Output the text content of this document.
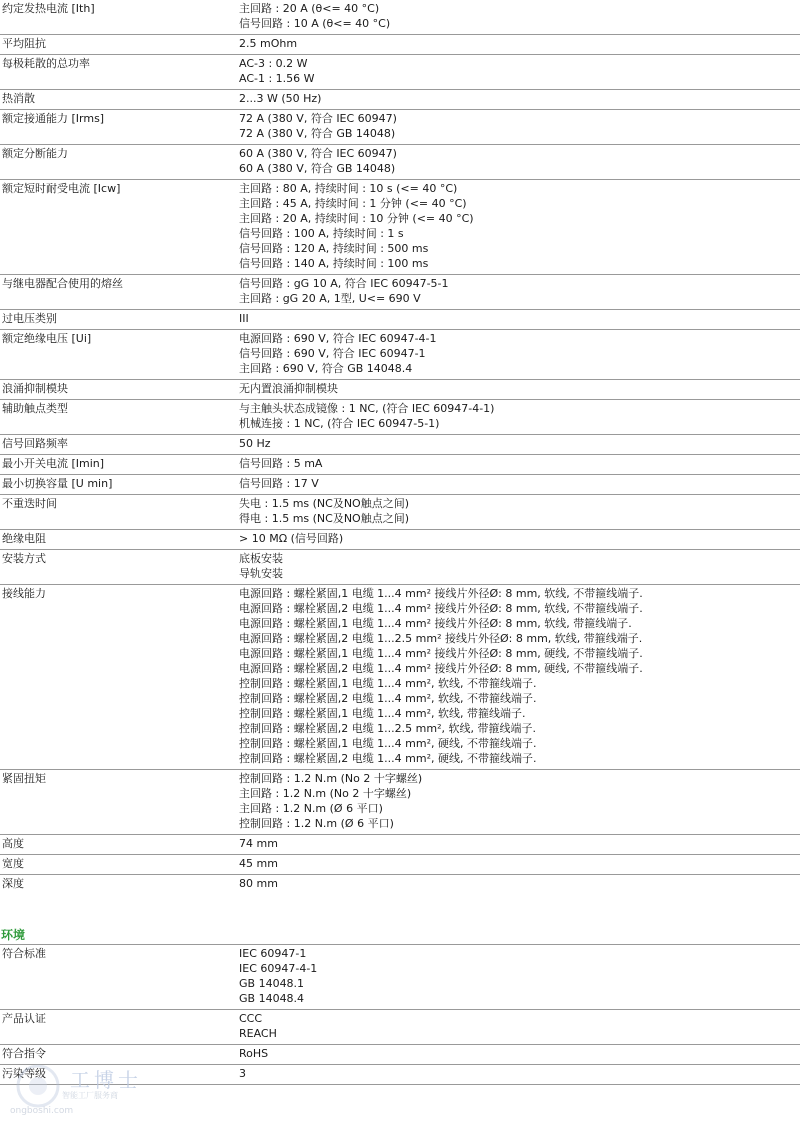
约定发热电流 [Ith]	主回路 : 20 A (θ<= 40 °C)
信号回路 : 10 A (θ<= 40 °C)
平均阻抗	2.5 mOhm
每极耗散的总功率	AC-3 : 0.2 W
AC-1 : 1.56 W
热消散	2...3 W (50 Hz)
额定接通能力 [Irms]	72 A (380 V, 符合 IEC 60947)
72 A (380 V, 符合 GB 14048)
额定分断能力	60 A (380 V, 符合 IEC 60947)
60 A (380 V, 符合 GB 14048)
额定短时耐受电流 [Icw]	主回路 : 80 A, 持续时间 : 10 s (<= 40 °C)
主回路 : 45 A, 持续时间 : 1 分钟 (<= 40 °C)
主回路 : 20 A, 持续时间 : 10 分钟 (<= 40 °C)
信号回路 : 100 A, 持续时间 : 1 s
信号回路 : 120 A, 持续时间 : 500 ms
信号回路 : 140 A, 持续时间 : 100 ms
与继电器配合使用的熔丝	信号回路 : gG 10 A, 符合 IEC 60947-5-1
主回路 : gG 20 A, 1型, U<= 690 V
过电压类别	III
额定绝缘电压 [Ui]	电源回路 : 690 V, 符合 IEC 60947-4-1
信号回路 : 690 V, 符合 IEC 60947-1
主回路 : 690 V, 符合 GB 14048.4
浪涌抑制模块	无内置浪涌抑制模块
辅助触点类型	与主触头状态成镜像 : 1 NC, (符合 IEC 60947-4-1)
机械连接 : 1 NC, (符合 IEC 60947-5-1)
信号回路频率	50 Hz
最小开关电流 [Imin]	信号回路 : 5 mA
最小切换容量 [U min]	信号回路 : 17 V
不重迭时间	失电 : 1.5 ms (NC及NO触点之间)
得电 : 1.5 ms (NC及NO触点之间)
绝缘电阻	> 10 MΩ (信号回路)
安装方式	底板安装
导轨安装
接线能力	电源回路 : 螺栓紧固,1 电缆 1...4 mm² 接线片外径Ø: 8 mm, 软线, 不带箍线端子.
电源回路 : 螺栓紧固,2 电缆 1...4 mm² 接线片外径Ø: 8 mm, 软线, 不带箍线端子.
电源回路 : 螺栓紧固,1 电缆 1...4 mm² 接线片外径Ø: 8 mm, 软线, 带箍线端子.
电源回路 : 螺栓紧固,2 电缆 1...2.5 mm² 接线片外径Ø: 8 mm, 软线, 带箍线端子.
电源回路 : 螺栓紧固,1 电缆 1...4 mm² 接线片外径Ø: 8 mm, 硬线, 不带箍线端子.
电源回路 : 螺栓紧固,2 电缆 1...4 mm² 接线片外径Ø: 8 mm, 硬线, 不带箍线端子.
控制回路 : 螺栓紧固,1 电缆 1...4 mm², 软线, 不带箍线端子.
控制回路 : 螺栓紧固,2 电缆 1...4 mm², 软线, 不带箍线端子.
控制回路 : 螺栓紧固,1 电缆 1...4 mm², 软线, 带箍线端子.
控制回路 : 螺栓紧固,2 电缆 1...2.5 mm², 软线, 带箍线端子.
控制回路 : 螺栓紧固,1 电缆 1...4 mm², 硬线, 不带箍线端子.
控制回路 : 螺栓紧固,2 电缆 1...4 mm², 硬线, 不带箍线端子.
紧固扭矩	控制回路 : 1.2 N.m (No 2 十字螺丝)
主回路 : 1.2 N.m (No 2 十字螺丝)
主回路 : 1.2 N.m (Ø 6 平口)
控制回路 : 1.2 N.m (Ø 6 平口)
高度	74 mm
宽度	45 mm
深度	80 mm
环境
符合标准	IEC 60947-1
IEC 60947-4-1
GB 14048.1
GB 14048.4
产品认证	CCC
REACH
符合指令	RoHS
污染等级	3
工博士
智能工厂服务商
ongboshi.com
